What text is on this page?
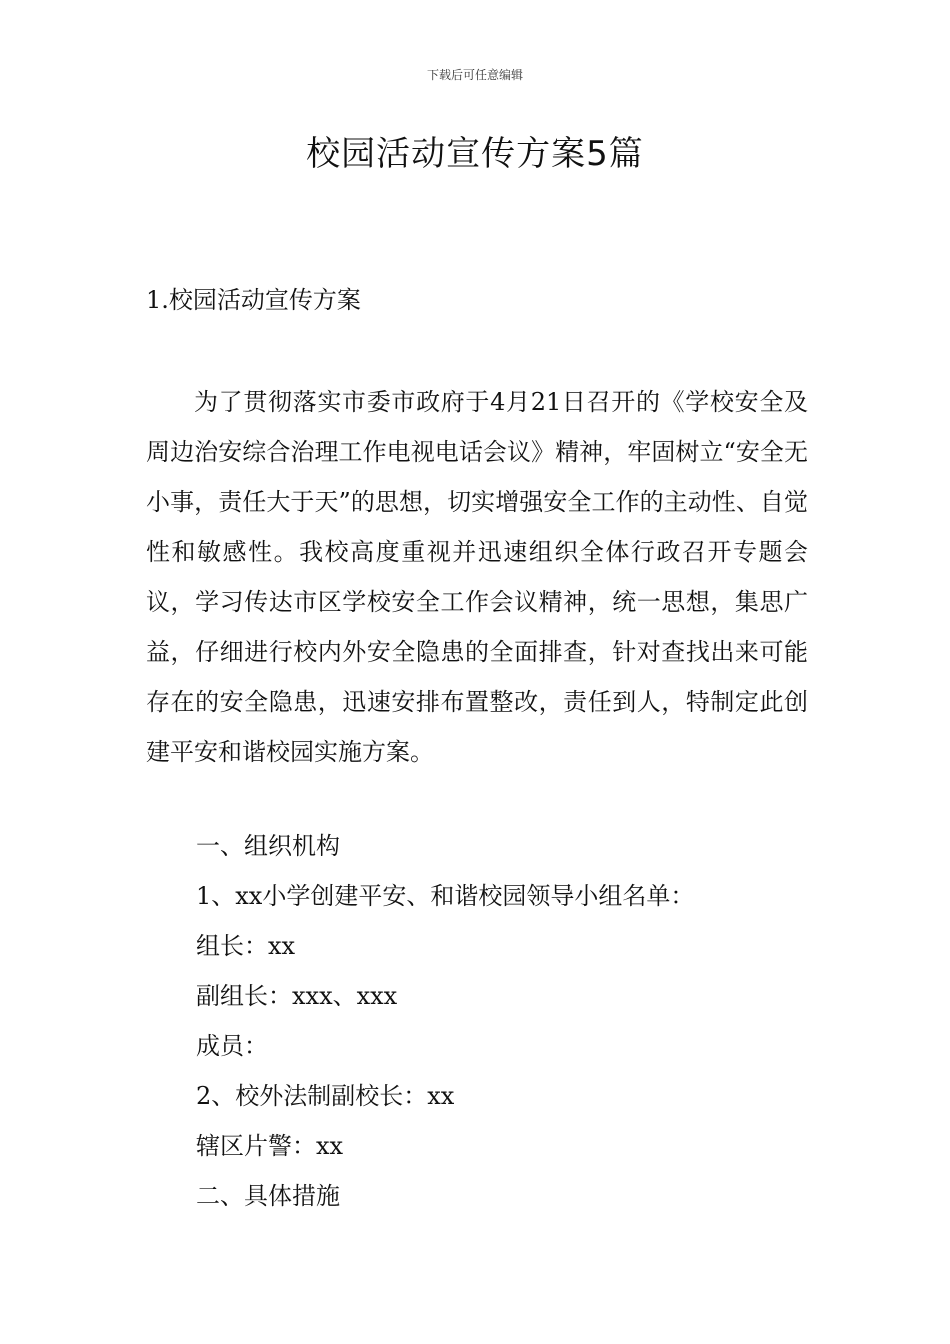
下载后可任意编辑
校园活动宣传方案5篇
1.校园活动宣传方案

为了贯彻落实市委市政府于4月21日召开的《学校安全及周边治安综合治理工作电视电话会议》精神，牢固树立“安全无小事，责任大于天”的思想，切实增强安全工作的主动性、自觉性和敏感性。我校高度重视并迅速组织全体行政召开专题会议，学习传达市区学校安全工作会议精神，统一思想，集思广益，仔细进行校内外安全隐患的全面排查，针对查找出来可能存在的安全隐患，迅速安排布置整改，责任到人，特制定此创建平安和谐校园实施方案。

一、组织机构

1、xx小学创建平安、和谐校园领导小组名单：

组长：xx

副组长：xxx、xxx

成员：

2、校外法制副校长：xx

辖区片警：xx

二、具体措施
